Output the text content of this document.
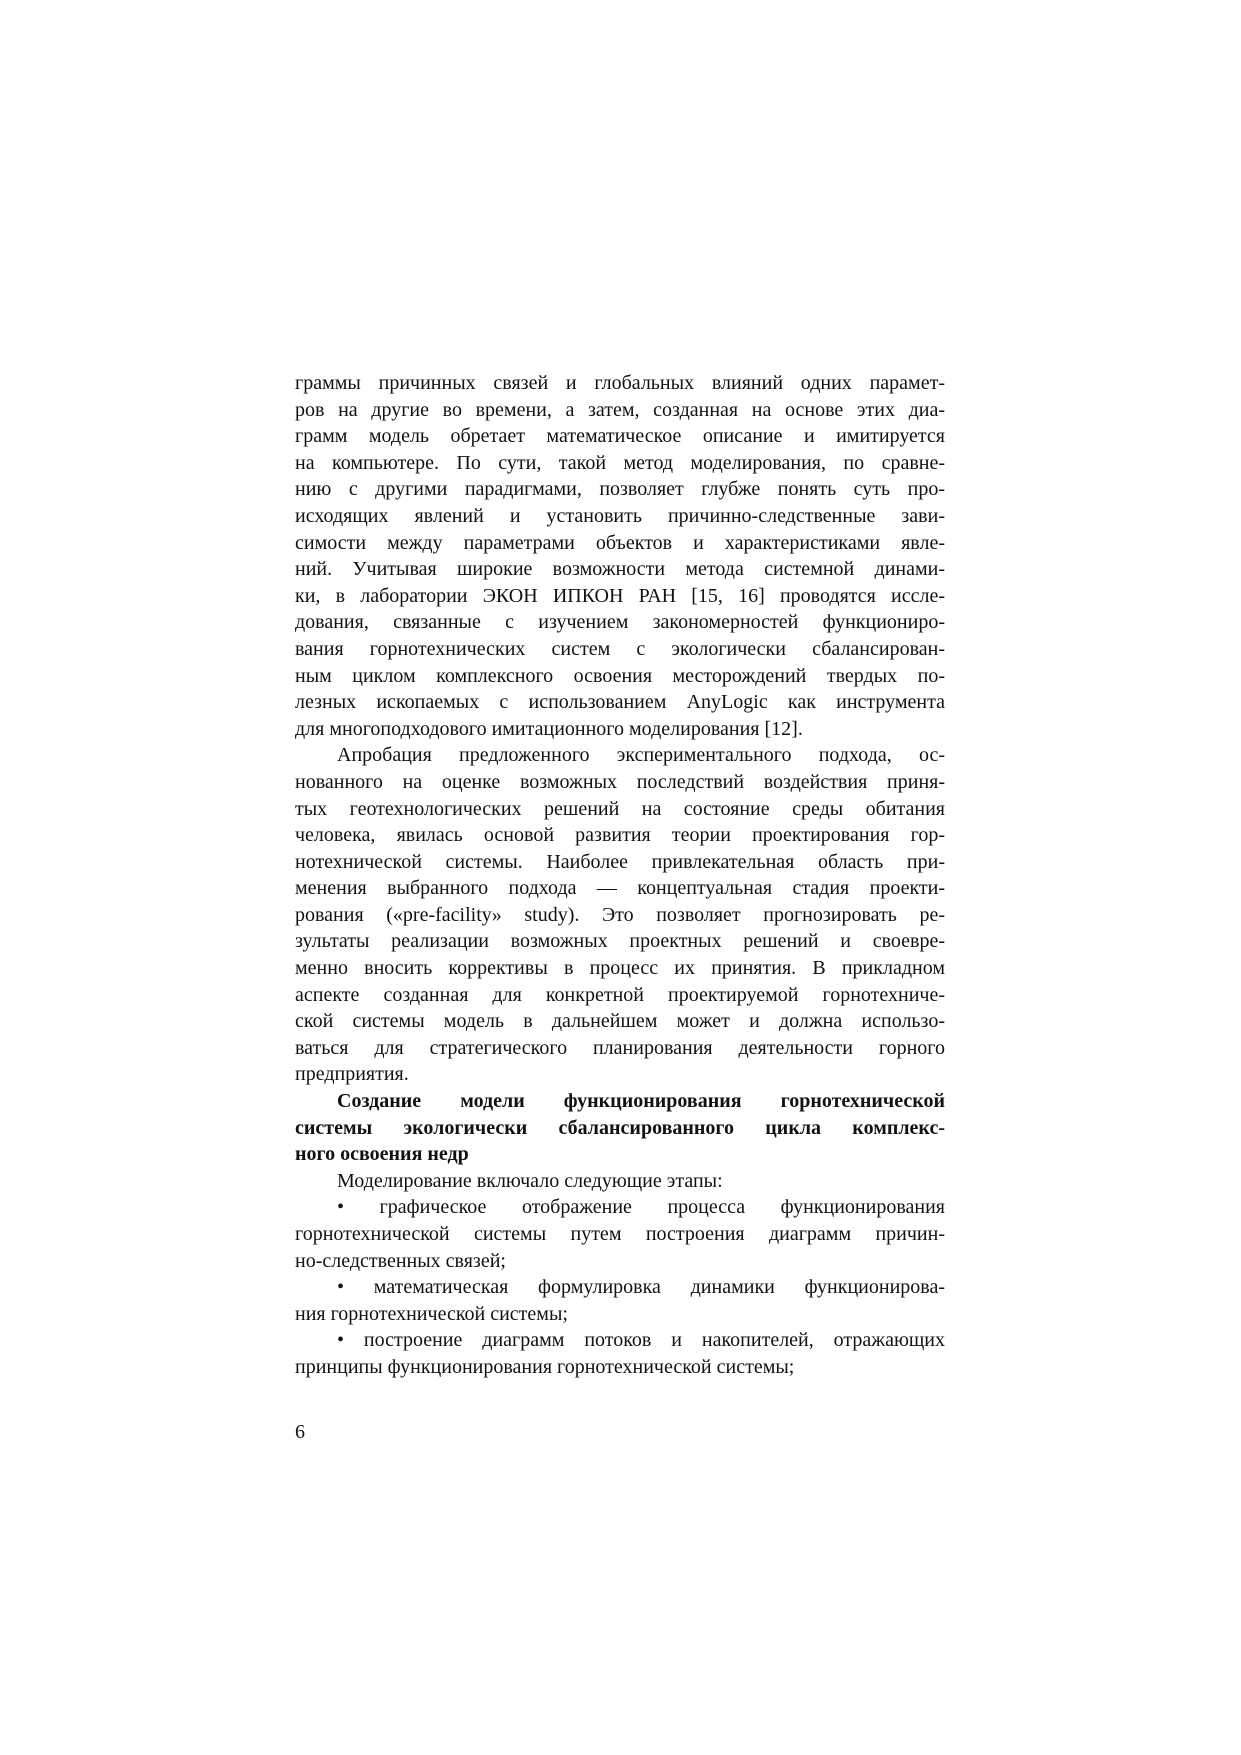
граммы причинных связей и глобальных влияний одних парамет-
ров на другие во времени, а затем, созданная на основе этих диа-
грамм модель обретает математическое описание и имитируется
на компьютере. По сути, такой метод моделирования, по сравне-
нию с другими парадигмами, позволяет глубже понять суть про-
исходящих явлений и установить причинно-следственные зави-
симости между параметрами объектов и характеристиками явле-
ний. Учитывая широкие возможности метода системной динами-
ки, в лаборатории ЭКОН ИПКОН РАН [15, 16] проводятся иссле-
дования, связанные с изучением закономерностей функциониро-
вания горнотехнических систем с экологически сбалансирован-
ным циклом комплексного освоения месторождений твердых по-
лезных ископаемых с использованием AnyLogic как инструмента
для многоподходового имитационного моделирования [12].
Апробация предложенного экспериментального подхода, ос-
нованного на оценке возможных последствий воздействия приня-
тых геотехнологических решений на состояние среды обитания
человека, явилась основой развития теории проектирования гор-
нотехнической системы. Наиболее привлекательная область при-
менения выбранного подхода — концептуальная стадия проекти-
рования («pre-facility» study). Это позволяет прогнозировать ре-
зультаты реализации возможных проектных решений и своевре-
менно вносить коррективы в процесс их принятия. В прикладном
аспекте созданная для конкретной проектируемой горнотехниче-
ской системы модель в дальнейшем может и должна использо-
ваться для стратегического планирования деятельности горного
предприятия.
Создание модели функционирования горнотехнической
системы экологически сбалансированного цикла комплекс-
ного освоения недр
Моделирование включало следующие этапы:
• графическое отображение процесса функционирования
горнотехнической системы путем построения диаграмм причин-
но-следственных связей;
• математическая формулировка динамики функционирова-
ния горнотехнической системы;
• построение диаграмм потоков и накопителей, отражающих
принципы функционирования горнотехнической системы;
6
